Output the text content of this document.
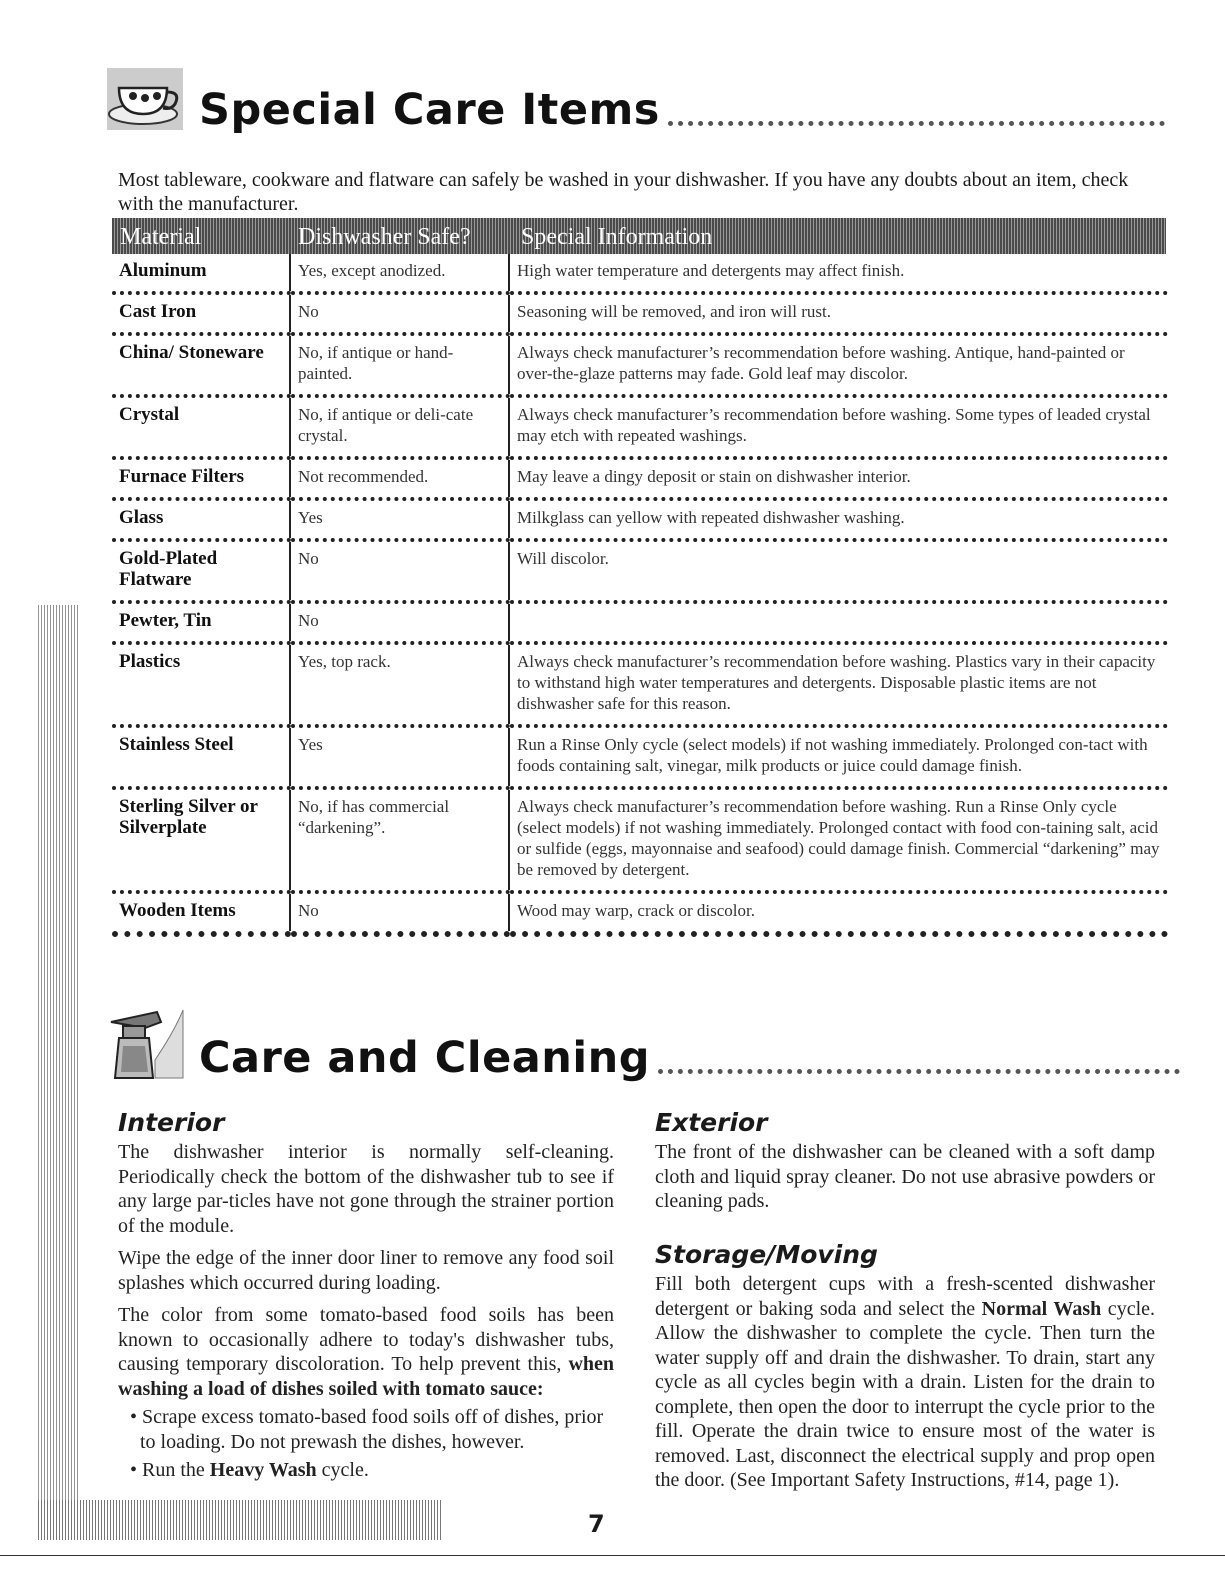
Special Care Items
Most tableware, cookware and flatware can safely be washed in your dishwasher. If you have any doubts about an item, check with the manufacturer.
Material	Dishwasher Safe?	Special Information
Aluminum	Yes, except anodized.	High water temperature and detergents may affect finish.
Cast Iron	No	Seasoning will be removed, and iron will rust.
China/ Stoneware	No, if antique or hand-painted.	Always check manufacturer’s recommendation before washing. Antique, hand-painted or over-the-glaze patterns may fade. Gold leaf may discolor.
Crystal	No, if antique or deli-cate crystal.	Always check manufacturer’s recommendation before washing. Some types of leaded crystal may etch with repeated washings.
Furnace Filters	Not recommended.	May leave a dingy deposit or stain on dishwasher interior.
Glass	Yes	Milkglass can yellow with repeated dishwasher washing.
Gold-Plated Flatware	No	Will discolor.
Pewter, Tin	No	
Plastics	Yes, top rack.	Always check manufacturer’s recommendation before washing. Plastics vary in their capacity to withstand high water temperatures and detergents. Disposable plastic items are not dishwasher safe for this reason.
Stainless Steel	Yes	Run a Rinse Only cycle (select models) if not washing immediately. Prolonged con-tact with foods containing salt, vinegar, milk products or juice could damage finish.
Sterling Silver or Silverplate	No, if has commercial “darkening”.	Always check manufacturer’s recommendation before washing. Run a Rinse Only cycle (select models) if not washing immediately. Prolonged contact with food con-taining salt, acid or sulfide (eggs, mayonnaise and seafood) could damage finish. Commercial “darkening” may be removed by detergent.
Wooden Items	No	Wood may warp, crack or discolor.
Care and Cleaning
Interior

The dishwasher interior is normally self-cleaning. Periodically check the bottom of the dishwasher tub to see if any large par-ticles have not gone through the strainer portion of the module.

Wipe the edge of the inner door liner to remove any food soil splashes which occurred during loading.

The color from some tomato-based food soils has been known to occasionally adhere to today's dishwasher tubs, causing temporary discoloration. To help prevent this, when washing a load of dishes soiled with tomato sauce:

• Scrape excess tomato-based food soils off of dishes, prior to loading. Do not prewash the dishes, however.
• Run the Heavy Wash cycle.
Exterior
The front of the dishwasher can be cleaned with a soft damp cloth and liquid spray cleaner. Do not use abrasive powders or cleaning pads.
Storage/Moving
Fill both detergent cups with a fresh-scented dishwasher detergent or baking soda and select the Normal Wash cycle. Allow the dishwasher to complete the cycle. Then turn the water supply off and drain the dishwasher. To drain, start any cycle as all cycles begin with a drain. Listen for the drain to complete, then open the door to interrupt the cycle prior to the fill. Operate the drain twice to ensure most of the water is removed. Last, disconnect the electrical supply and prop open the door. (See Important Safety Instructions, #14, page 1).
7
